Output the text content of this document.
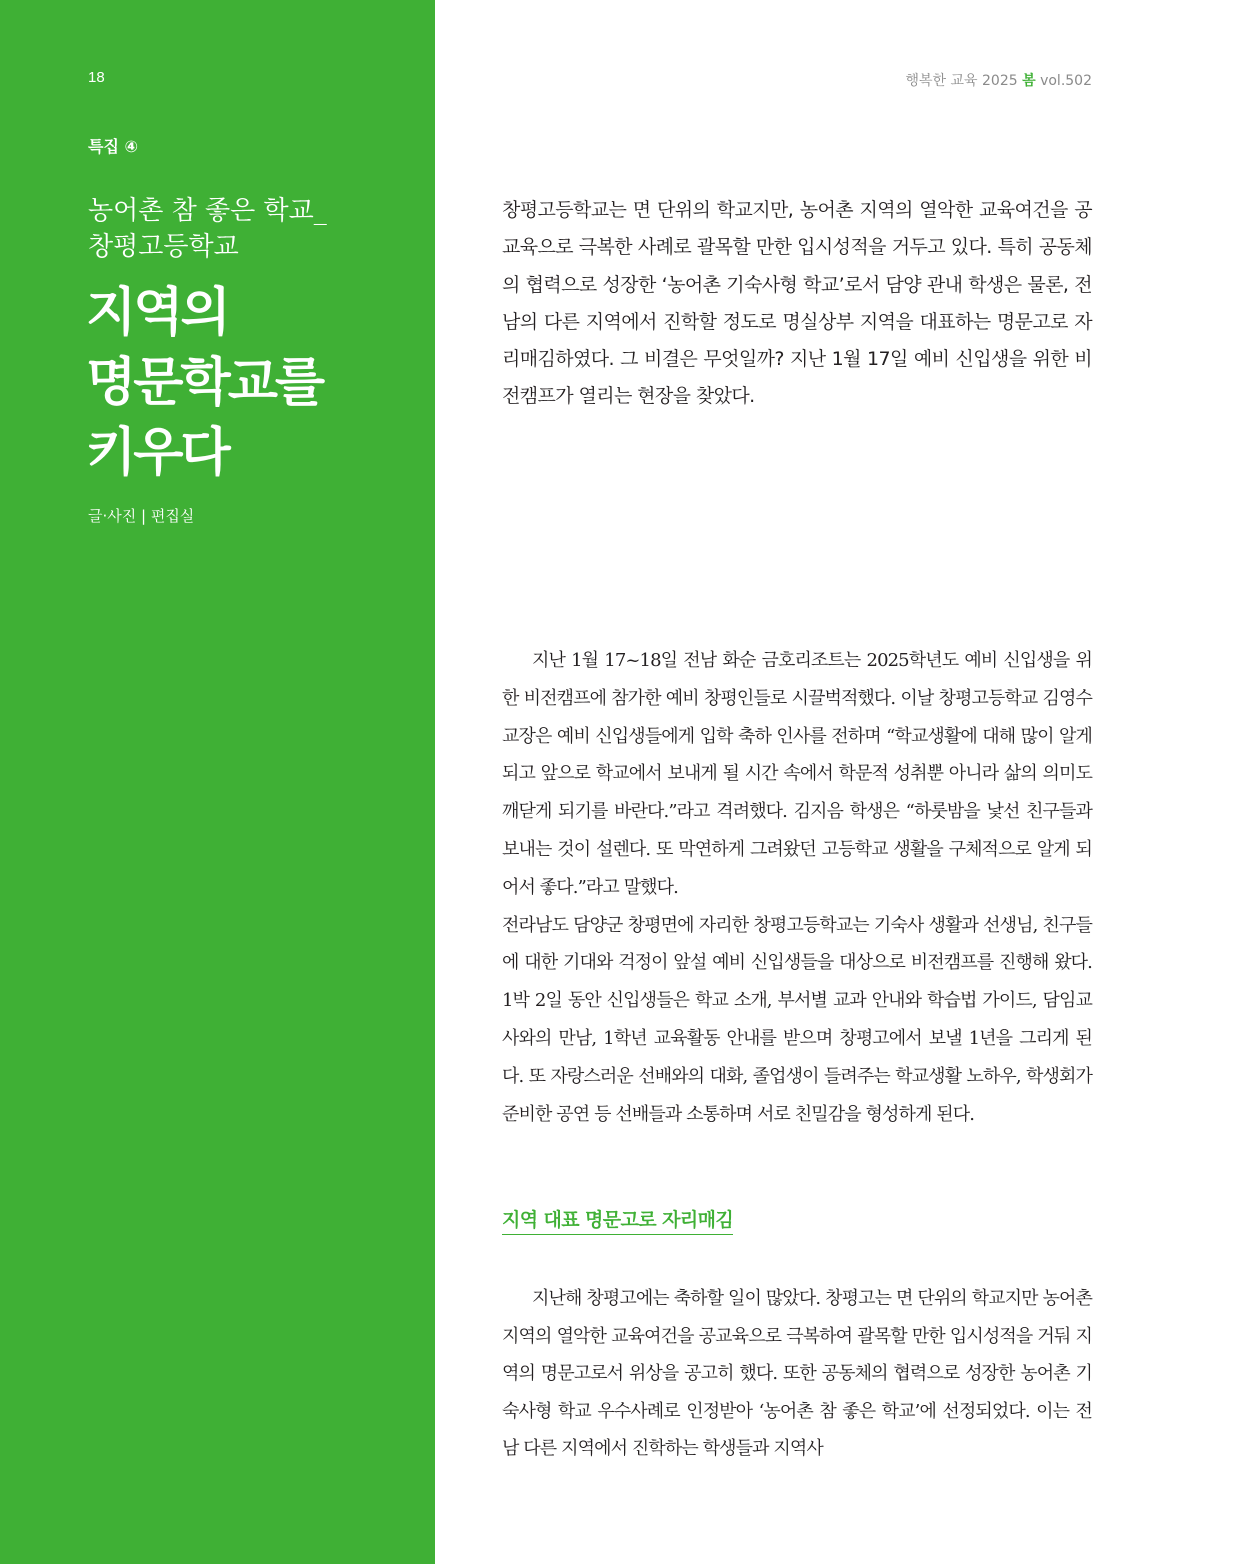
18
특집 ④
농어촌 참 좋은 학교_
창평고등학교
지역의
명문학교를
키우다
글·사진 | 편집실
행복한 교육 2025 봄 vol.502

창평고등학교는 면 단위의 학교지만, 농어촌 지역의 열악한 교육여건을 공교육으로 극복한 사례로 괄목할 만한 입시성적을 거두고 있다. 특히 공동체의 협력으로 성장한 ‘농어촌 기숙사형 학교’로서 담양 관내 학생은 물론, 전남의 다른 지역에서 진학할 정도로 명실상부 지역을 대표하는 명문고로 자리매김하였다. 그 비결은 무엇일까? 지난 1월 17일 예비 신입생을 위한 비전캠프가 열리는 현장을 찾았다.

지난 1월 17~18일 전남 화순 금호리조트는 2025학년도 예비 신입생을 위한 비전캠프에 참가한 예비 창평인들로 시끌벅적했다. 이날 창평고등학교 김영수 교장은 예비 신입생들에게 입학 축하 인사를 전하며 “학교생활에 대해 많이 알게 되고 앞으로 학교에서 보내게 될 시간 속에서 학문적 성취뿐 아니라 삶의 의미도 깨닫게 되기를 바란다.”라고 격려했다. 김지음 학생은 “하룻밤을 낯선 친구들과 보내는 것이 설렌다. 또 막연하게 그려왔던 고등학교 생활을 구체적으로 알게 되어서 좋다.”라고 말했다.

전라남도 담양군 창평면에 자리한 창평고등학교는 기숙사 생활과 선생님, 친구들에 대한 기대와 걱정이 앞설 예비 신입생들을 대상으로 비전캠프를 진행해 왔다. 1박 2일 동안 신입생들은 학교 소개, 부서별 교과 안내와 학습법 가이드, 담임교사와의 만남, 1학년 교육활동 안내를 받으며 창평고에서 보낼 1년을 그리게 된다. 또 자랑스러운 선배와의 대화, 졸업생이 들려주는 학교생활 노하우, 학생회가 준비한 공연 등 선배들과 소통하며 서로 친밀감을 형성하게 된다.

지역 대표 명문고로 자리매김

지난해 창평고에는 축하할 일이 많았다. 창평고는 면 단위의 학교지만 농어촌 지역의 열악한 교육여건을 공교육으로 극복하여 괄목할 만한 입시성적을 거둬 지역의 명문고로서 위상을 공고히 했다. 또한 공동체의 협력으로 성장한 농어촌 기숙사형 학교 우수사례로 인정받아 ‘농어촌 참 좋은 학교’에 선정되었다. 이는 전남 다른 지역에서 진학하는 학생들과 지역사
